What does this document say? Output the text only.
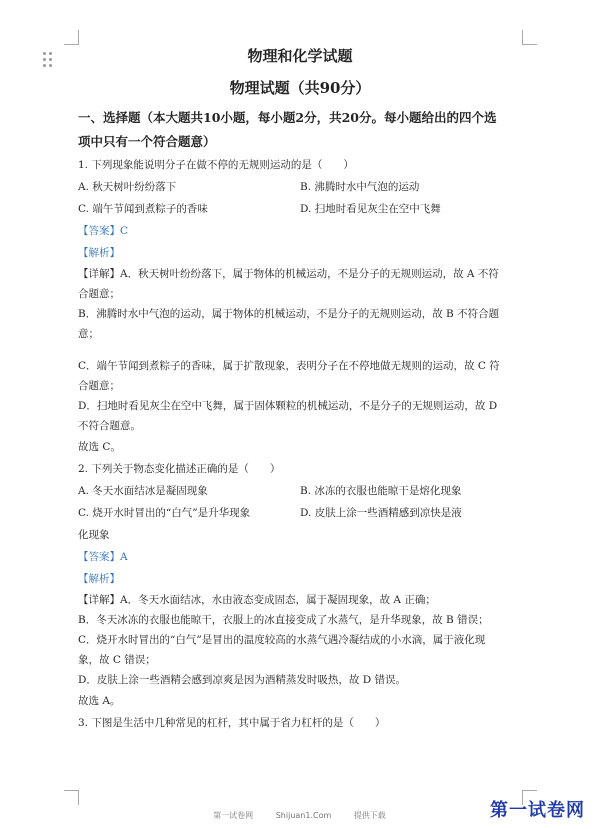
物理和化学试题
物理试题（共90分）
一、选择题（本大题共10小题，每小题2分，共20分。每小题给出的四个选
项中只有一个符合题意）
1. 下列现象能说明分子在做不停的无规则运动的是（　　）
A. 秋天树叶纷纷落下	B. 沸腾时水中气泡的运动
C. 端午节闻到煮粽子的香味	D. 扫地时看见灰尘在空中飞舞
【答案】C
【解析】
【详解】A．秋天树叶纷纷落下，属于物体的机械运动，不是分子的无规则运动，故 A 不符
合题意；
B．沸腾时水中气泡的运动，属于物体的机械运动，不是分子的无规则运动，故 B 不符合题
意；
C．端午节闻到煮粽子的香味，属于扩散现象，表明分子在不停地做无规则的运动，故 C 符
合题意；
D．扫地时看见灰尘在空中飞舞，属于固体颗粒的机械运动，不是分子的无规则运动，故 D
不符合题意。
故选 C。
2. 下列关于物态变化描述正确的是（　　）
A. 冬天水面结冰是凝固现象	B. 冰冻的衣服也能晾干是熔化现象
C. 烧开水时冒出的“白气”是升华现象	D. 皮肤上涂一些酒精感到凉快是液
化现象
【答案】A
【解析】
【详解】A．冬天水面结冰，水由液态变成固态，属于凝固现象，故 A 正确；
B．冬天冰冻的衣服也能晾干，衣服上的冰直接变成了水蒸气，是升华现象，故 B 错误；
C．烧开水时冒出的“白气”是冒出的温度较高的水蒸气遇冷凝结成的小水滴，属于液化现
象，故 C 错误；
D．皮肤上涂一些酒精会感到凉爽是因为酒精蒸发时吸热，故 D 错误。
故选 A。
3. 下图是生活中几种常见的杠杆，其中属于省力杠杆的是（　　）
第一试卷网	Shijuan1.Com	提供下载	第一试卷网
